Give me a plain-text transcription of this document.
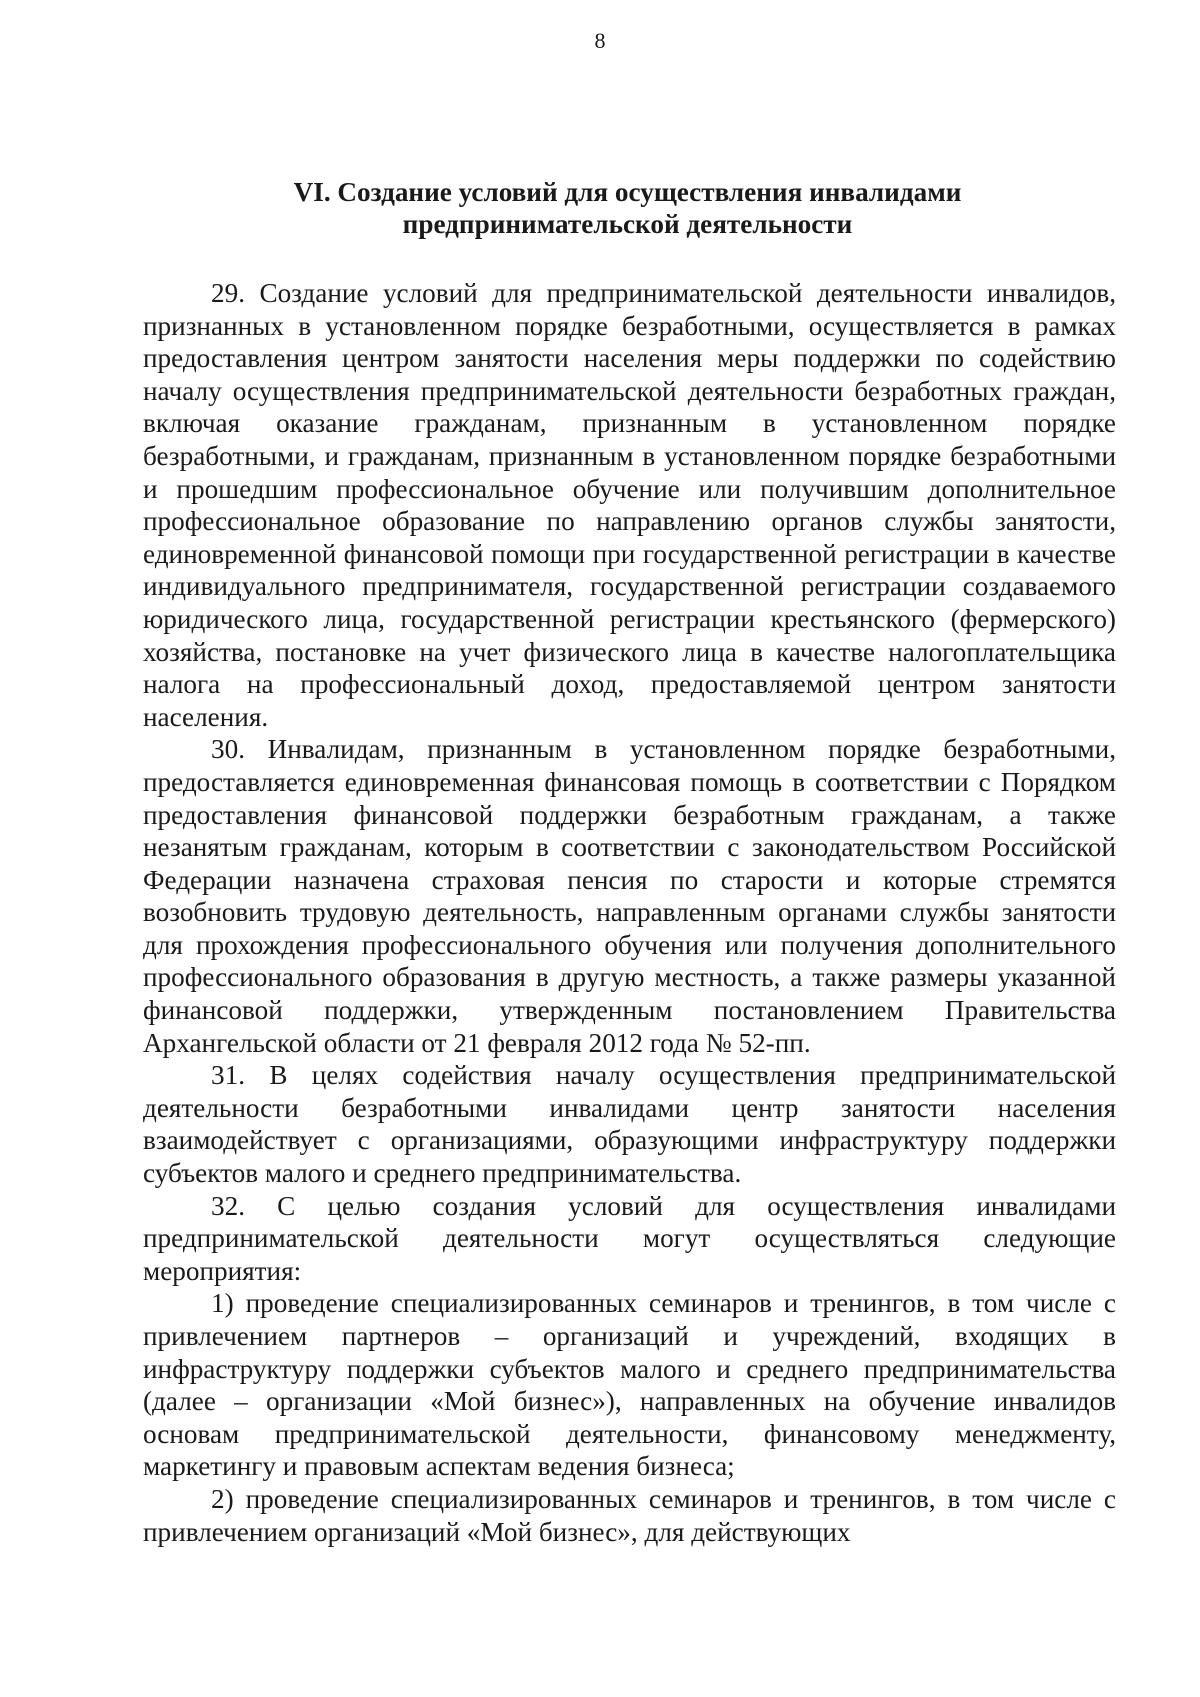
8
VI. Создание условий для осуществления инвалидами
предпринимательской деятельности

29. Создание условий для предпринимательской деятельности инвалидов, признанных в установленном порядке безработными, осуществляется в рамках предоставления центром занятости населения меры поддержки по содействию началу осуществления предпринимательской деятельности безработных граждан, включая оказание гражданам, признанным в установленном порядке безработными, и гражданам, признанным в установленном порядке безработными и прошедшим профессиональное обучение или получившим дополнительное профессиональное образование по направлению органов службы занятости, единовременной финансовой помощи при государственной регистрации в качестве индивидуального предпринимателя, государственной регистрации создаваемого юридического лица, государственной регистрации крестьянского (фермерского) хозяйства, постановке на учет физического лица в качестве налогоплательщика налога на профессиональный доход, предоставляемой центром занятости населения.

30. Инвалидам, признанным в установленном порядке безработными, предоставляется единовременная финансовая помощь в соответствии с Порядком предоставления финансовой поддержки безработным гражданам, а также незанятым гражданам, которым в соответствии с законодательством Российской Федерации назначена страховая пенсия по старости и которые стремятся возобновить трудовую деятельность, направленным органами службы занятости для прохождения профессионального обучения или получения дополнительного профессионального образования в другую местность, а также размеры указанной финансовой поддержки, утвержденным постановлением Правительства Архангельской области от 21 февраля 2012 года № 52-пп.

31. В целях содействия началу осуществления предпринимательской деятельности безработными инвалидами центр занятости населения взаимодействует с организациями, образующими инфраструктуру поддержки субъектов малого и среднего предпринимательства.

32. С целью создания условий для осуществления инвалидами предпринимательской деятельности могут осуществляться следующие мероприятия:

1) проведение специализированных семинаров и тренингов, в том числе с привлечением партнеров – организаций и учреждений, входящих в инфраструктуру поддержки субъектов малого и среднего предпринимательства (далее – организации «Мой бизнес»), направленных на обучение инвалидов основам предпринимательской деятельности, финансовому менеджменту, маркетингу и правовым аспектам ведения бизнеса;

2) проведение специализированных семинаров и тренингов, в том числе с привлечением организаций «Мой бизнес», для действующих
